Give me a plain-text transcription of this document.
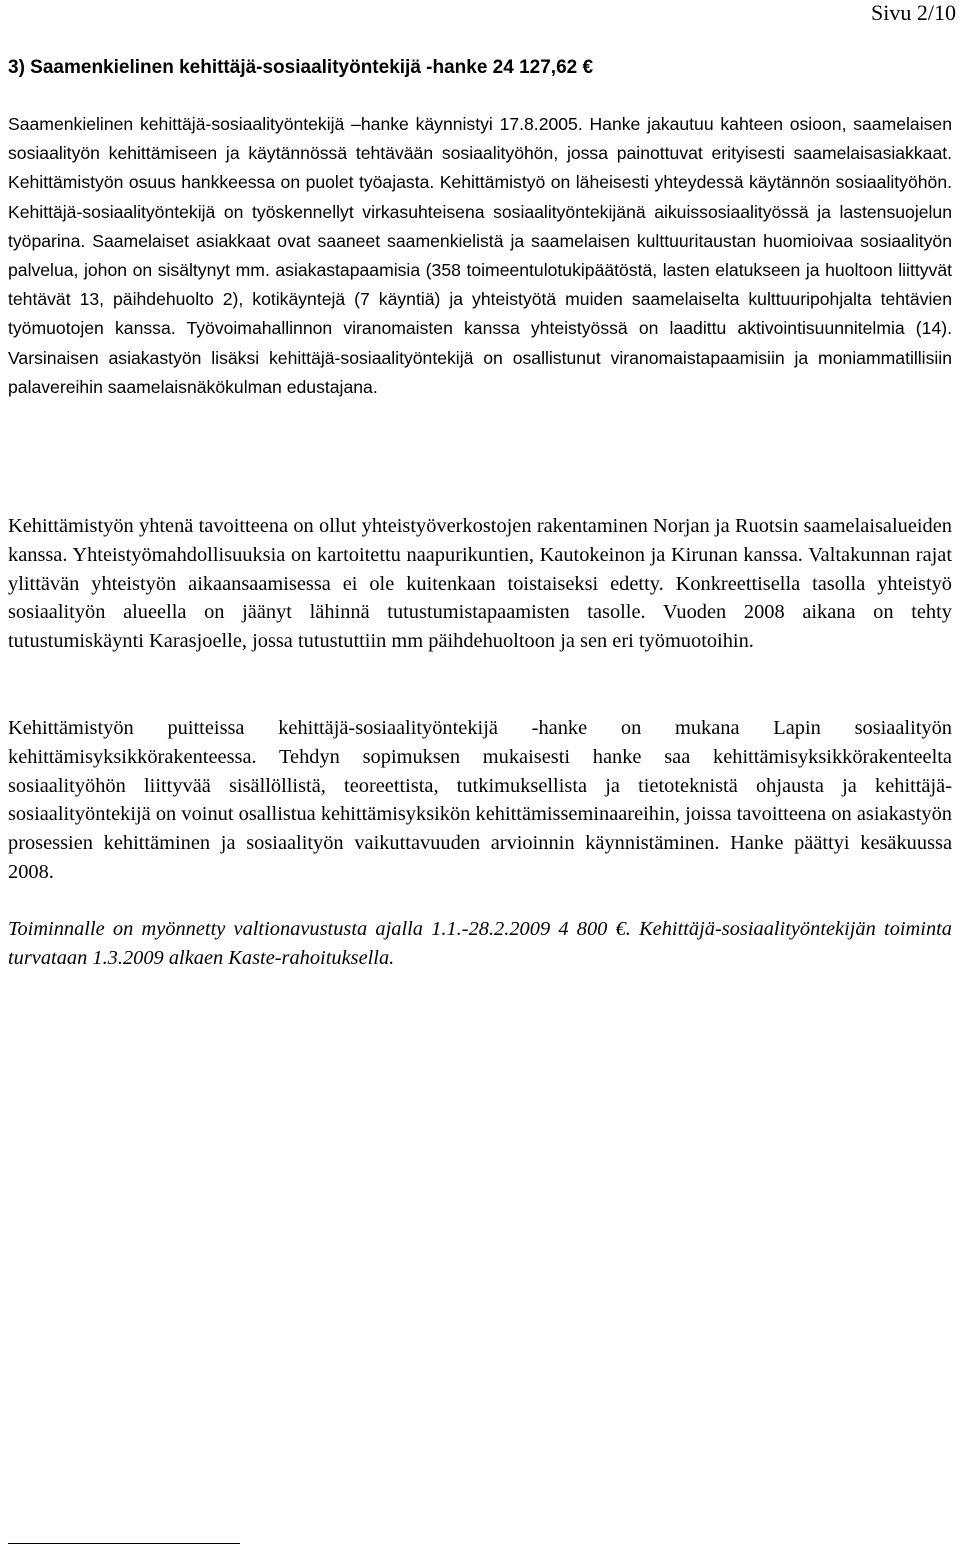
Sivu 2/10
3) Saamenkielinen kehittäjä-sosiaalityöntekijä -hanke 24 127,62 €
Saamenkielinen kehittäjä-sosiaalityöntekijä –hanke käynnistyi 17.8.2005. Hanke jakautuu kahteen osioon, saamelaisen sosiaalityön kehittämiseen ja käytännössä tehtävään sosiaalityöhön, jossa painottuvat erityisesti saamelaisasiakkaat. Kehittämistyön osuus hankkeessa on puolet työajasta. Kehittämistyö on läheisesti yhteydessä käytännön sosiaalityöhön. Kehittäjä-sosiaalityöntekijä on työskennellyt virkasuhteisena sosiaalityöntekijänä aikuissosiaalityössä ja lastensuojelun työparina. Saamelaiset asiakkaat ovat saaneet saamenkielistä ja saamelaisen kulttuuritaustan huomioivaa sosiaalityön palvelua, johon on sisältynyt mm. asiakastapaamisia (358 toimeentulotukipäätöstä, lasten elatukseen ja huoltoon liittyvät tehtävät 13, päihdehuolto 2), kotikäyntejä (7 käyntiä) ja yhteistyötä muiden saamelaiselta kulttuuripohjalta tehtävien työmuotojen kanssa. Työvoimahallinnon viranomaisten kanssa yhteistyössä on laadittu aktivointisuunnitelmia (14). Varsinaisen asiakastyön lisäksi kehittäjä-sosiaalityöntekijä on osallistunut viranomaistapaamisiin ja moniammatillisiin palavereihin saamelaisnäkökulman edustajana.
Kehittämistyön yhtenä tavoitteena on ollut yhteistyöverkostojen rakentaminen Norjan ja Ruotsin saamelaisalueiden kanssa. Yhteistyömahdollisuuksia on kartoitettu naapurikuntien, Kautokeinon ja Kirunan kanssa. Valtakunnan rajat ylittävän yhteistyön aikaansaamisessa ei ole kuitenkaan toistaiseksi edetty. Konkreettisella tasolla yhteistyö sosiaalityön alueella on jäänyt lähinnä tutustumistapaamisten tasolle. Vuoden 2008 aikana on tehty tutustumiskäynti Karasjoelle, jossa tutustuttiin mm päihdehuoltoon ja sen eri työmuotoihin.
Kehittämistyön puitteissa kehittäjä-sosiaalityöntekijä -hanke on mukana Lapin sosiaalityön kehittämisyksikkörakenteessa. Tehdyn sopimuksen mukaisesti hanke saa kehittämisyksikkörakenteelta sosiaalityöhön liittyvää sisällöllistä, teoreettista, tutkimuksellista ja tietoteknistä ohjausta ja kehittäjä-sosiaalityöntekijä on voinut osallistua kehittämisyksikön kehittämisseminaareihin, joissa tavoitteena on asiakastyön prosessien kehittäminen ja sosiaalityön vaikuttavuuden arvioinnin käynnistäminen. Hanke päättyi kesäkuussa 2008.
Toiminnalle on myönnetty valtionavustusta ajalla 1.1.-28.2.2009 4 800 €. Kehittäjä-sosiaalityöntekijän toiminta turvataan 1.3.2009 alkaen Kaste-rahoituksella.
